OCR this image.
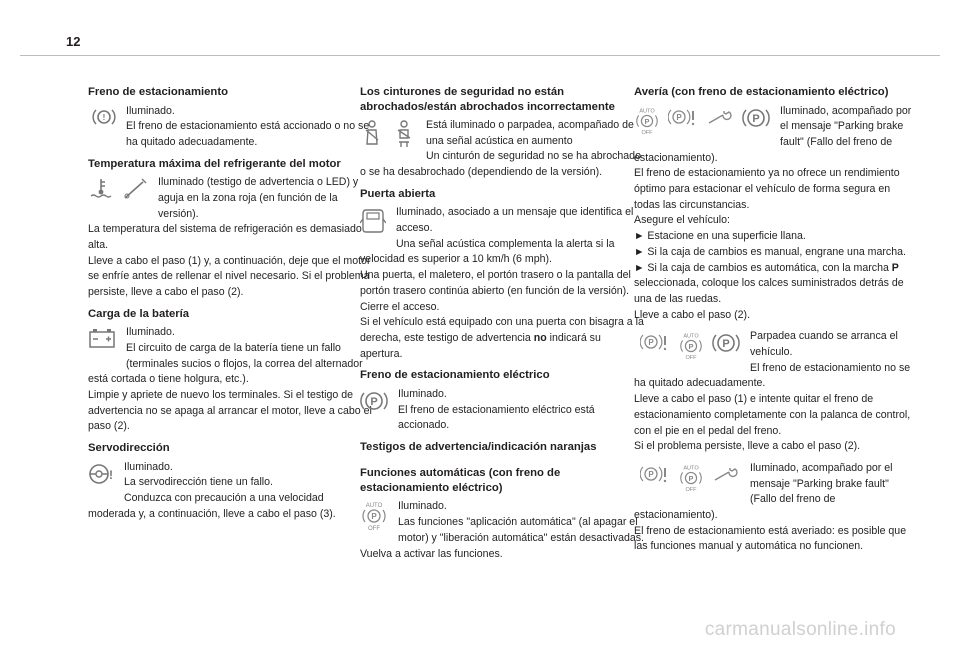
12
Freno de estacionamiento
!

Iluminado.

El freno de estacionamiento está accionado o no se ha quitado adecuadamente.

Temperatura máxima del refrigerante del motor

Iluminado (testigo de advertencia o LED) y aguja en la zona roja (en función de la versión).

La temperatura del sistema de refrigeración es demasiado alta.

Lleve a cabo el paso (1) y, a continuación, deje que el motor se enfríe antes de rellenar el nivel necesario. Si el problema persiste, lleve a cabo el paso (2).

Carga de la batería

Iluminado.

El circuito de carga de la batería tiene un fallo (terminales sucios o flojos, la correa del alternador está cortada o tiene holgura, etc.).

Limpie y apriete de nuevo los terminales. Si el testigo de advertencia no se apaga al arrancar el motor, lleve a cabo el paso (2).

Servodirección
!

Iluminado.

La servodirección tiene un fallo.

Conduzca con precaución a una velocidad moderada y, a continuación, lleve a cabo el paso (3).

Los cinturones de seguridad no están abrochados/están abrochados incorrectamente

Está iluminado o parpadea, acompañado de una señal acústica en aumento

Un cinturón de seguridad no se ha abrochado o se ha desabrochado (dependiendo de la versión).

Puerta abierta

Iluminado, asociado a un mensaje que identifica el acceso.

Una señal acústica complementa la alerta si la velocidad es superior a 10 km/h (6 mph).

Una puerta, el maletero, el portón trasero o la pantalla del portón trasero continúa abierto (en función de la versión).

Cierre el acceso.

Si el vehículo está equipado con una puerta con bisagra a la derecha, este testigo de advertencia no indicará su apertura.

Freno de estacionamiento eléctrico
P

Iluminado.

El freno de estacionamiento eléctrico está accionado.

Testigos de advertencia/indicación naranjas
Funciones automáticas (con freno de estacionamiento eléctrico)
AUTO
P
OFF

Iluminado.

Las funciones "aplicación automática" (al apagar el motor) y "liberación automática" están desactivadas.

Vuelva a activar las funciones.

Avería (con freno de estacionamiento eléctrico)
AUTO
P
OFF
P	P

Iluminado, acompañado por el mensaje "Parking brake fault" (Fallo del freno de estacionamiento).

El freno de estacionamiento ya no ofrece un rendimiento óptimo para estacionar el vehículo de forma segura en todas las circunstancias.

Asegure el vehículo:

► Estacione en una superficie llana.

► Si la caja de cambios es manual, engrane una marcha.

► Si la caja de cambios es automática, con la marcha P seleccionada, coloque los calces suministrados detrás de una de las ruedas.

Lleve a cabo el paso (2).

P
AUTO
P
OFF
P

Parpadea cuando se arranca el vehículo.

El freno de estacionamiento no se ha quitado adecuadamente.

Lleve a cabo el paso (1) e intente quitar el freno de estacionamiento completamente con la palanca de control, con el pie en el pedal del freno.

Si el problema persiste, lleve a cabo el paso (2).

P
AUTO
P
OFF

Iluminado, acompañado por el mensaje "Parking brake fault" (Fallo del freno de estacionamiento).

El freno de estacionamiento está averiado: es posible que las funciones manual y automática no funcionen.

carmanualsonline.info
